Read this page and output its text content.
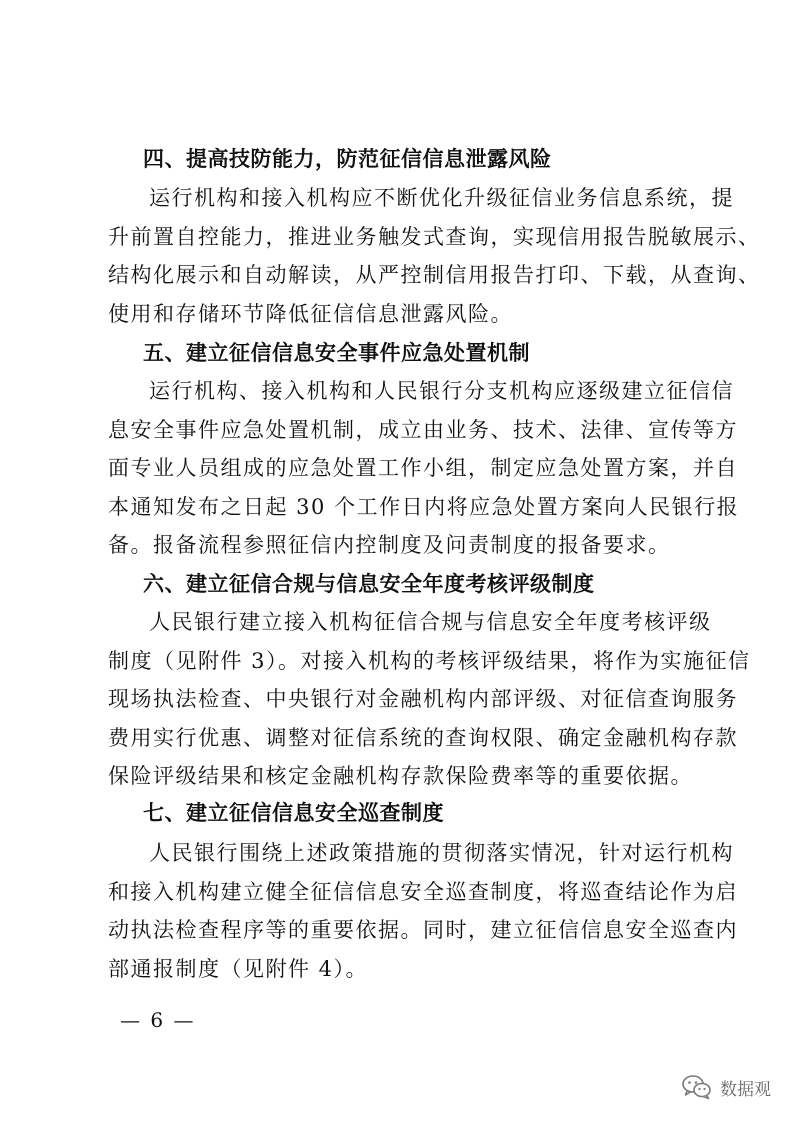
四、提高技防能力，防范征信信息泄露风险
运行机构和接入机构应不断优化升级征信业务信息系统，提
升前置自控能力，推进业务触发式查询，实现信用报告脱敏展示、
结构化展示和自动解读，从严控制信用报告打印、下载，从查询、
使用和存储环节降低征信信息泄露风险。
五、建立征信信息安全事件应急处置机制
运行机构、接入机构和人民银行分支机构应逐级建立征信信
息安全事件应急处置机制，成立由业务、技术、法律、宣传等方
面专业人员组成的应急处置工作小组，制定应急处置方案，并自
本通知发布之日起 30 个工作日内将应急处置方案向人民银行报
备。报备流程参照征信内控制度及问责制度的报备要求。
六、建立征信合规与信息安全年度考核评级制度
人民银行建立接入机构征信合规与信息安全年度考核评级
制度（见附件 3）。对接入机构的考核评级结果，将作为实施征信
现场执法检查、中央银行对金融机构内部评级、对征信查询服务
费用实行优惠、调整对征信系统的查询权限、确定金融机构存款
保险评级结果和核定金融机构存款保险费率等的重要依据。
七、建立征信信息安全巡查制度
人民银行围绕上述政策措施的贯彻落实情况，针对运行机构
和接入机构建立健全征信信息安全巡查制度，将巡查结论作为启
动执法检查程序等的重要依据。同时，建立征信信息安全巡查内
部通报制度（见附件 4）。
— 6 —
数据观
